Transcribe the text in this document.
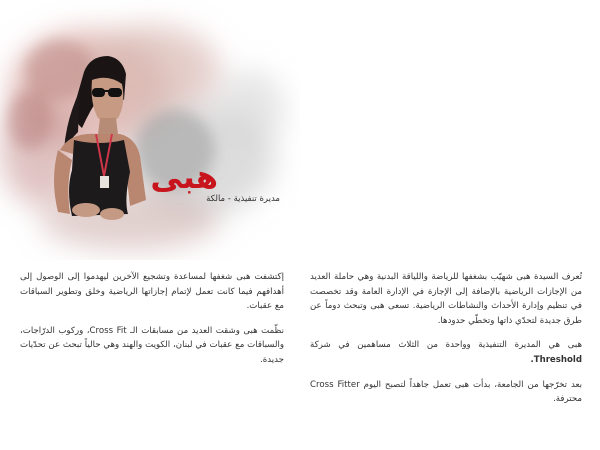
هبى
مديرة تنفيذية - مالكة

تُعرف السيدة هبى شهيّب بشغفها للرياضة واللياقة البدنية وهي حاملة العديد من الإجازات الرياضية بالإضافة إلى الإجازة في الإدارة العامة وقد تخصصت في تنظيم وإدارة الأحداث والنشاطات الرياضية. تسعى هبى وتبحث دوماً عن طرق جديدة لتحدّي ذاتها وتخطّي حدودها.

هبى هي المديرة التنفيذية وواحدة من الثلاث مساهمين في شركة Threshold.

بعد تخرّجها من الجامعة، بدأت هبى تعمل جاهداً لتصبح اليوم Cross Fitter محترفة.

إكتشفت هبى شغفها لمساعدة وتشجيع الآخرين ليهدموا إلى الوصول إلى أهدافهم فيما كانت تعمل لإتمام إجازاتها الرياضية وخلق وتطوير السباقات مع عقبات.

نظّمت هبى وشقت العديد من مسابقات الـ Cross Fit، وركوب الدرّاجات، والسباقات مع عقبات في لبنان، الكويت والهند وهي حالياً تبحث عن تحدّيات جديدة.
